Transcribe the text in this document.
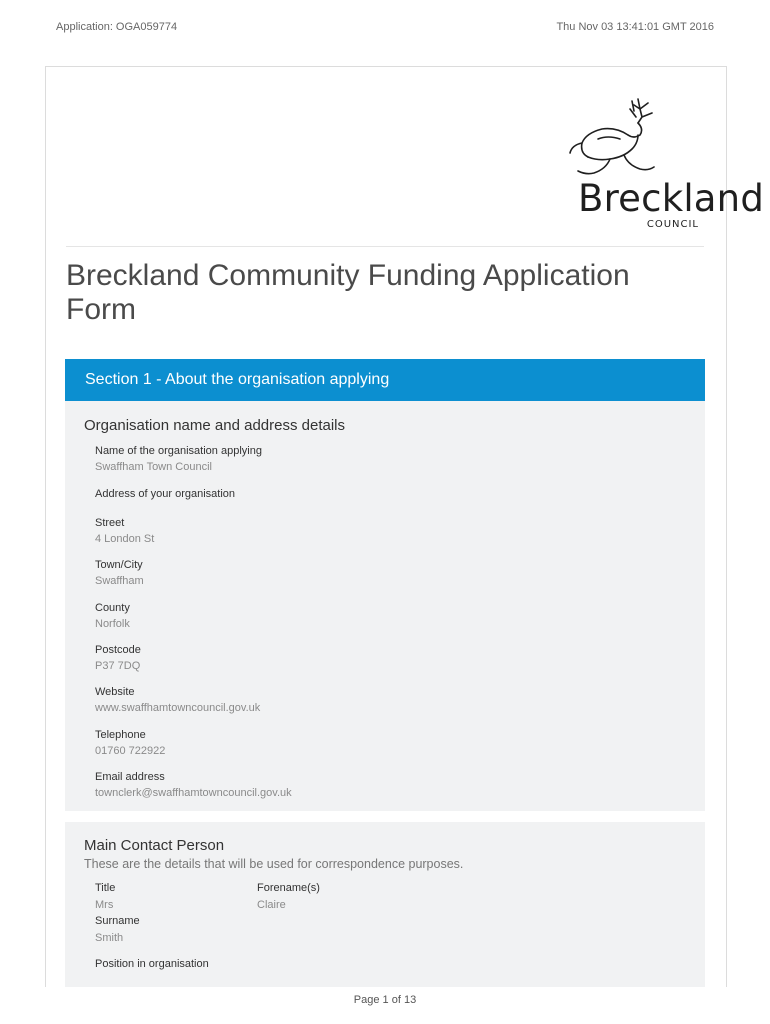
Application: OGA059774	Thu Nov 03 13:41:01 GMT 2016
Breckland
COUNCIL
Breckland Community Funding Application Form
Section 1 - About the organisation applying
Organisation name and address details
Name of the organisation applying
Swaffham Town Council
Address of your organisation
Street
4 London St
Town/City
Swaffham
County
Norfolk
Postcode
P37 7DQ
Website
www.swaffhamtowncouncil.gov.uk
Telephone
01760 722922
Email address
townclerk@swaffhamtowncouncil.gov.uk
Main Contact Person
These are the details that will be used for correspondence purposes.
Title
Mrs
Forename(s)
Claire
Surname
Smith
Position in organisation
Page 1 of 13
